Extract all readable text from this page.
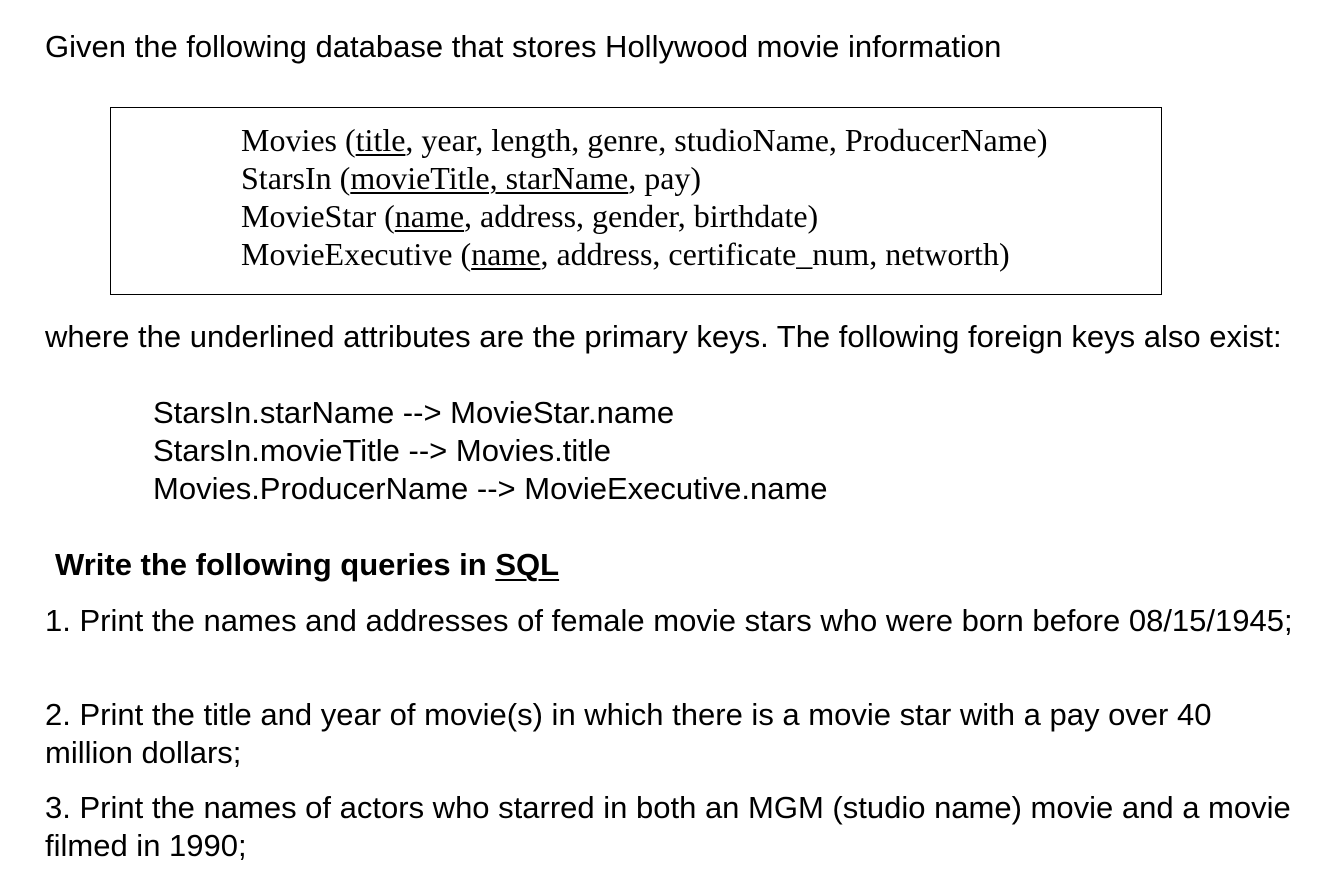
Given the following database that stores Hollywood movie information
Movies (title, year, length, genre, studioName, ProducerName)
StarsIn (movieTitle, starName, pay)
MovieStar (name, address, gender, birthdate)
MovieExecutive (name, address, certificate_num, networth)
where the underlined attributes are the primary keys. The following foreign keys also exist:
StarsIn.starName --> MovieStar.name
StarsIn.movieTitle --> Movies.title
Movies.ProducerName --> MovieExecutive.name
Write the following queries in SQL
1. Print the names and addresses of female movie stars who were born before 08/15/1945;
2. Print the title and year of movie(s) in which there is a movie star with a pay over 40 million dollars;
3. Print the names of actors who starred in both an MGM (studio name) movie and a movie filmed in 1990;
